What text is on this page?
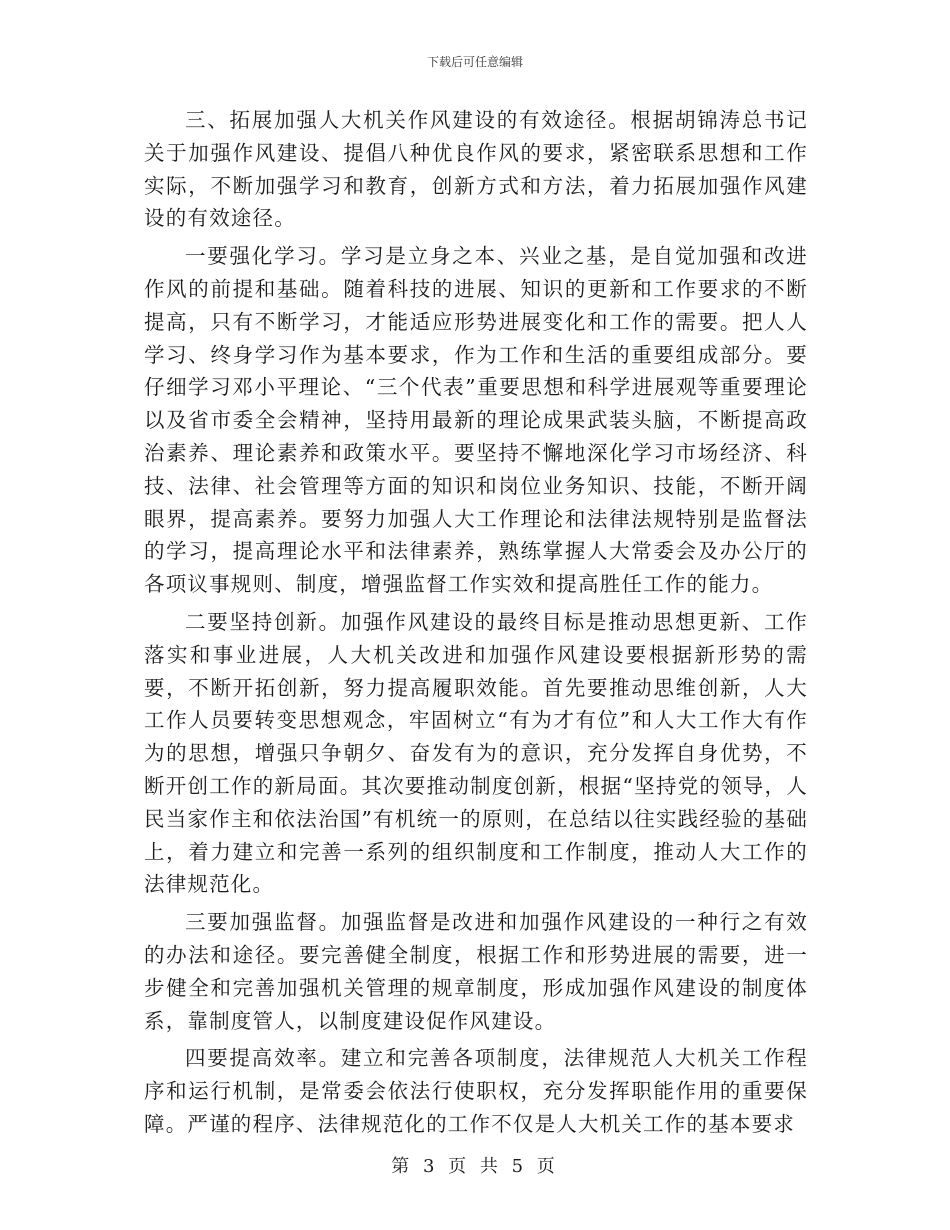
下载后可任意编辑

三、拓展加强人大机关作风建设的有效途径。根据胡锦涛总书记关于加强作风建设、提倡八种优良作风的要求，紧密联系思想和工作实际，不断加强学习和教育，创新方式和方法，着力拓展加强作风建设的有效途径。

一要强化学习。学习是立身之本、兴业之基，是自觉加强和改进作风的前提和基础。随着科技的进展、知识的更新和工作要求的不断提高，只有不断学习，才能适应形势进展变化和工作的需要。把人人学习、终身学习作为基本要求，作为工作和生活的重要组成部分。要仔细学习邓小平理论、“三个代表”重要思想和科学进展观等重要理论以及省市委全会精神，坚持用最新的理论成果武装头脑，不断提高政治素养、理论素养和政策水平。要坚持不懈地深化学习市场经济、科技、法律、社会管理等方面的知识和岗位业务知识、技能，不断开阔眼界，提高素养。要努力加强人大工作理论和法律法规特别是监督法的学习，提高理论水平和法律素养，熟练掌握人大常委会及办公厅的各项议事规则、制度，增强监督工作实效和提高胜任工作的能力。

二要坚持创新。加强作风建设的最终目标是推动思想更新、工作落实和事业进展，人大机关改进和加强作风建设要根据新形势的需要，不断开拓创新，努力提高履职效能。首先要推动思维创新，人大工作人员要转变思想观念，牢固树立“有为才有位”和人大工作大有作为的思想，增强只争朝夕、奋发有为的意识，充分发挥自身优势，不断开创工作的新局面。其次要推动制度创新，根据“坚持党的领导，人民当家作主和依法治国”有机统一的原则，在总结以往实践经验的基础上，着力建立和完善一系列的组织制度和工作制度，推动人大工作的法律规范化。

三要加强监督。加强监督是改进和加强作风建设的一种行之有效的办法和途径。要完善健全制度，根据工作和形势进展的需要，进一步健全和完善加强机关管理的规章制度，形成加强作风建设的制度体系，靠制度管人，以制度建设促作风建设。

四要提高效率。建立和完善各项制度，法律规范人大机关工作程序和运行机制，是常委会依法行使职权，充分发挥职能作用的重要保障。严谨的程序、法律规范化的工作不仅是人大机关工作的基本要求

第 3 页 共 5 页
